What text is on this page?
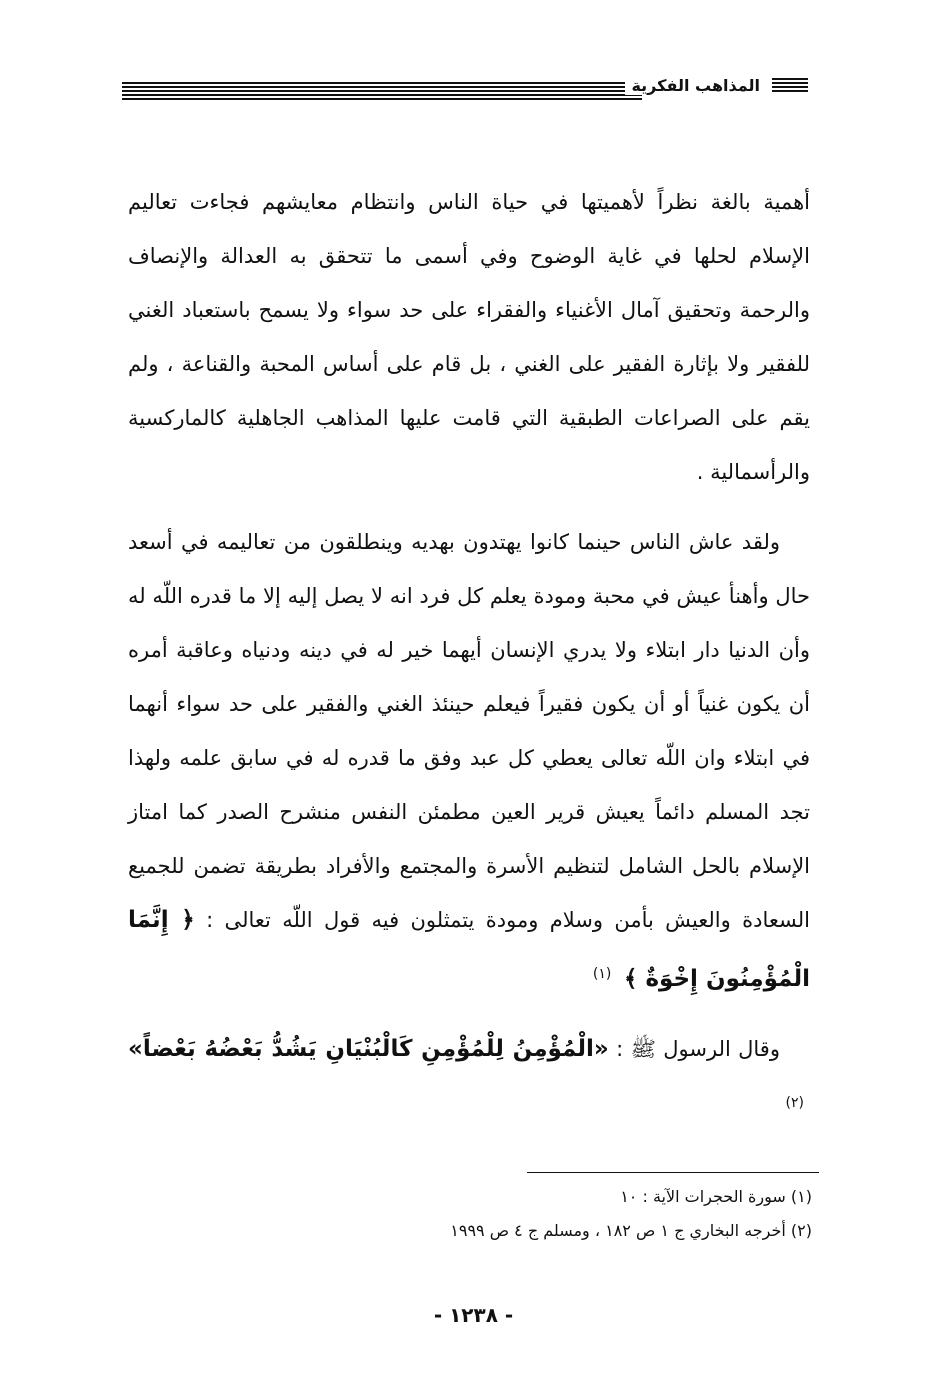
المذاهب الفكرية

أهمية بالغة نظراً لأهميتها في حياة الناس وانتظام معايشهم فجاءت تعاليم الإسلام لحلها في غاية الوضوح وفي أسمى ما تتحقق به العدالة والإنصاف والرحمة وتحقيق آمال الأغنياء والفقراء على حد سواء ولا يسمح باستعباد الغني للفقير ولا بإثارة الفقير على الغني ، بل قام على أساس المحبة والقناعة ، ولم يقم على الصراعات الطبقية التي قامت عليها المذاهب الجاهلية كالماركسية والرأسمالية .

ولقد عاش الناس حينما كانوا يهتدون بهديه وينطلقون من تعاليمه في أسعد حال وأهنأ عيش في محبة ومودة يعلم كل فرد انه لا يصل إليه إلا ما قدره اللّه له وأن الدنيا دار ابتلاء ولا يدري الإنسان أيهما خير له في دينه ودنياه وعاقبة أمره أن يكون غنياً أو أن يكون فقيراً فيعلم حينئذ الغني والفقير على حد سواء أنهما في ابتلاء وان اللّه تعالى يعطي كل عبد وفق ما قدره له في سابق علمه ولهذا تجد المسلم دائماً يعيش قرير العين مطمئن النفس منشرح الصدر كما امتاز الإسلام بالحل الشامل لتنظيم الأسرة والمجتمع والأفراد بطريقة تضمن للجميع السعادة والعيش بأمن وسلام ومودة يتمثلون فيه قول اللّه تعالى : ﴿ إِنَّمَا الْمُؤْمِنُونَ إِخْوَةٌ ﴾ $^{(١)}$

وقال الرسول ﷺ : «الْمُؤْمِنُ لِلْمُؤْمِنِ كَالْبُنْيَانِ يَشُدُّ بَعْضُهُ بَعْضاً» $^{(٢)}$

(١) سورة الحجرات الآية : ١٠

(٢) أخرجه البخاري ج ١ ص ١٨٢ ، ومسلم ج ٤ ص ١٩٩٩

- ١٢٣٨ -
